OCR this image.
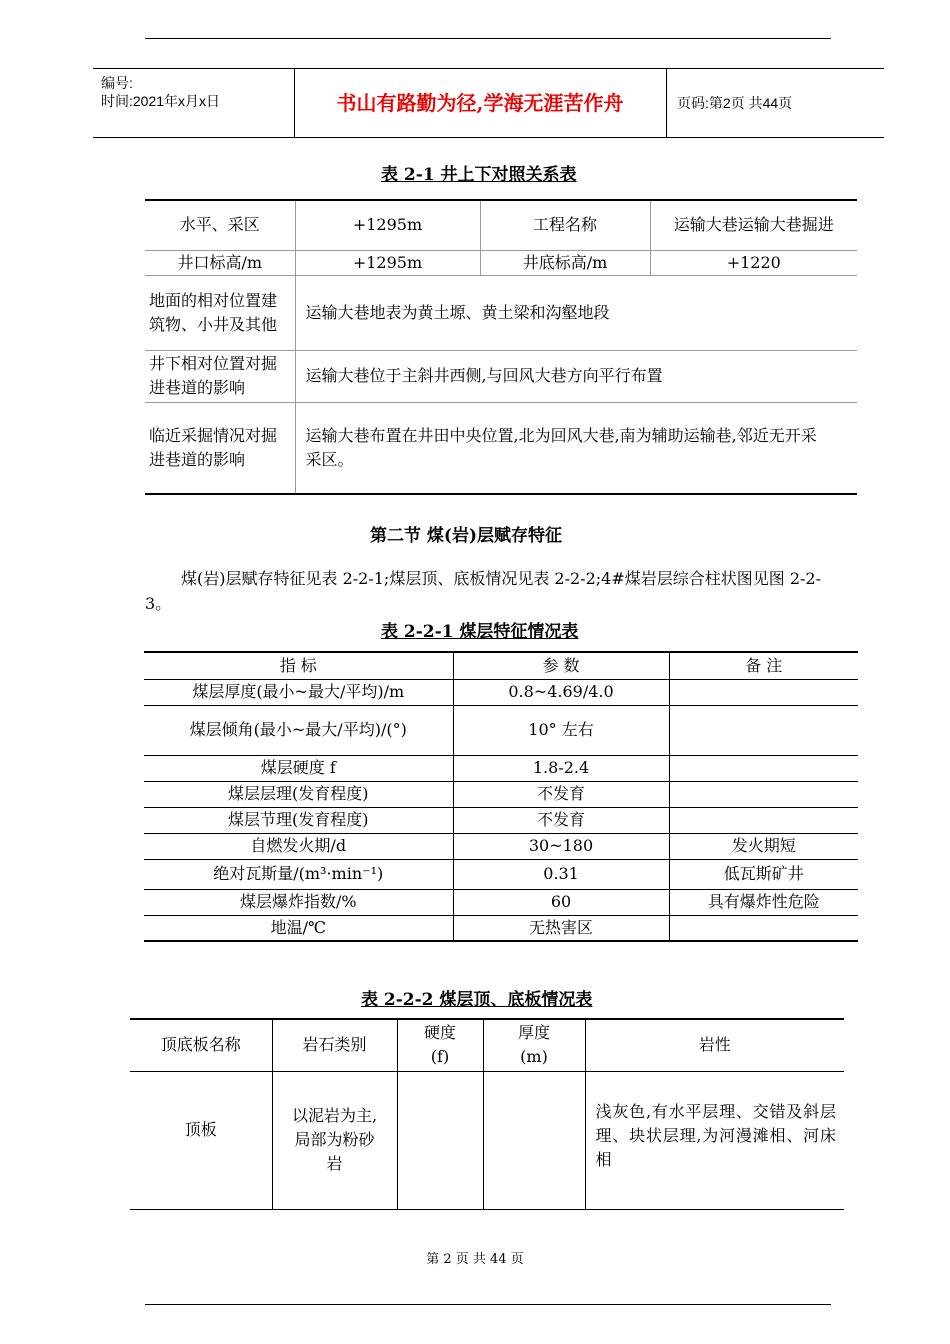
编号:
时间:2021年x月x日	书山有路勤为径,学海无涯苦作舟	页码:第2页 共44页
表 2-1 井上下对照关系表
水平、采区	+1295m	工程名称	运输大巷运输大巷掘进
井口标高/m	+1295m	井底标高/m	+1220
地面的相对位置建筑物、小井及其他	运输大巷地表为黄土塬、黄土梁和沟壑地段		
井下相对位置对掘进巷道的影响	运输大巷位于主斜井西侧,与回风大巷方向平行布置		
临近采掘情况对掘进巷道的影响	运输大巷布置在井田中央位置,北为回风大巷,南为辅助运输巷,邻近无开采采区。		
第二节 煤(岩)层赋存特征
煤(岩)层赋存特征见表 2-2-1;煤层顶、底板情况见表 2-2-2;4#煤岩层综合柱状图见图 2-2-3。
表 2-2-1 煤层特征情况表
指 标	参 数	备 注
煤层厚度(最小~最大/平均)/m	0.8~4.69/4.0	
煤层倾角(最小~最大/平均)/(°)	10° 左右	
煤层硬度 f	1.8-2.4	
煤层层理(发育程度)	不发育	
煤层节理(发育程度)	不发育	
自燃发火期/d	30~180	发火期短
绝对瓦斯量/(m³·min⁻¹)	0.31	低瓦斯矿井
煤层爆炸指数/%	60	具有爆炸性危险
地温/℃	无热害区	
表 2-2-2 煤层顶、底板情况表
顶底板名称	岩石类别	硬度(f)	厚度(m)	岩性
顶板	以泥岩为主,局部为粉砂岩			浅灰色,有水平层理、交错及斜层理、块状层理,为河漫滩相、河床相
第 2 页 共 44 页
